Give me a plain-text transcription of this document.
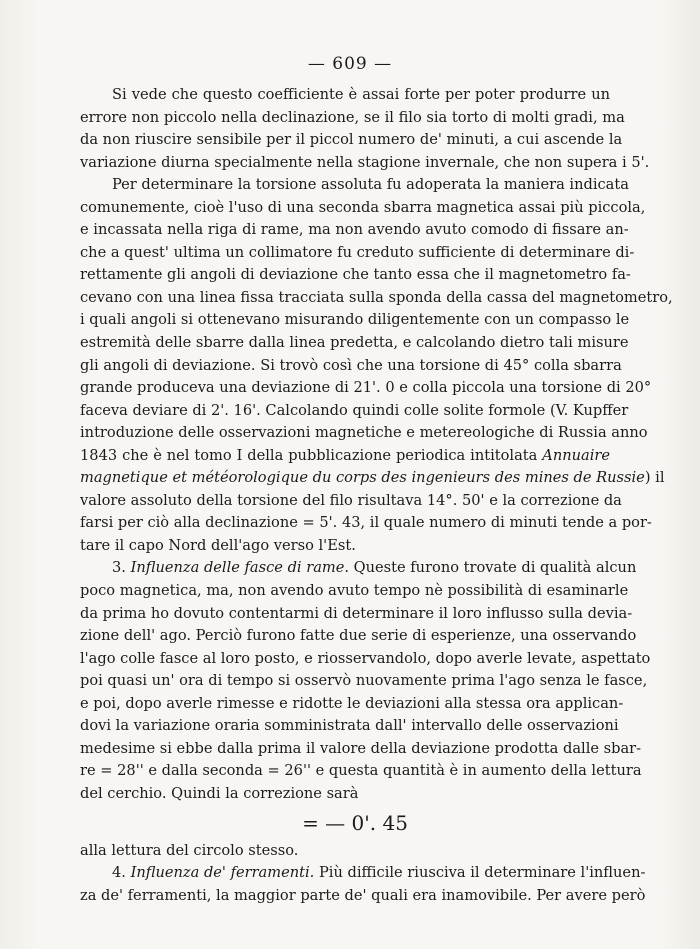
— 609 —
Si vede che questo coefficiente è assai forte per poter produrre un
errore non piccolo nella declinazione, se il filo sia torto di molti gradi, ma
da non riuscire sensibile per il piccol numero de' minuti, a cui ascende la
variazione diurna specialmente nella stagione invernale, che non supera i 5'.
Per determinare la torsione assoluta fu adoperata la maniera indicata
comunemente, cioè l'uso di una seconda sbarra magnetica assai più piccola,
e incassata nella riga di rame, ma non avendo avuto comodo di fissare an-
che a quest' ultima un collimatore fu creduto sufficiente di determinare di-
rettamente gli angoli di deviazione che tanto essa che il magnetometro fa-
cevano con una linea fissa tracciata sulla sponda della cassa del magnetometro,
i quali angoli si ottenevano misurando diligentemente con un compasso le
estremità delle sbarre dalla linea predetta, e calcolando dietro tali misure
gli angoli di deviazione. Si trovò così che una torsione di 45° colla sbarra
grande produceva una deviazione di 21'. 0 e colla piccola una torsione di 20°
faceva deviare di 2'. 16'. Calcolando quindi colle solite formole (V. Kupffer
introduzione delle osservazioni magnetiche e metereologiche di Russia anno
1843 che è nel tomo I della pubblicazione periodica intitolata Annuaire
magnetique et météorologique du corps des ingenieurs des mines de Russie) il
valore assoluto della torsione del filo risultava 14°. 50' e la correzione da
farsi per ciò alla declinazione = 5'. 43, il quale numero di minuti tende a por-
tare il capo Nord dell'ago verso l'Est.
3. Influenza delle fasce di rame. Queste furono trovate di qualità alcun
poco magnetica, ma, non avendo avuto tempo nè possibilità di esaminarle
da prima ho dovuto contentarmi di determinare il loro influsso sulla devia-
zione dell' ago. Perciò furono fatte due serie di esperienze, una osservando
l'ago colle fasce al loro posto, e riosservandolo, dopo averle levate, aspettato
poi quasi un' ora di tempo si osservò nuovamente prima l'ago senza le fasce,
e poi, dopo averle rimesse e ridotte le deviazioni alla stessa ora applican-
dovi la variazione oraria somministrata dall' intervallo delle osservazioni
medesime si ebbe dalla prima il valore della deviazione prodotta dalle sbar-
re = 28'' e dalla seconda = 26'' e questa quantità è in aumento della lettura
del cerchio. Quindi la correzione sarà
= — 0'. 45
alla lettura del circolo stesso.
4. Influenza de' ferramenti. Più difficile riusciva il determinare l'influen-
za de' ferramenti, la maggior parte de' quali era inamovibile. Per avere però
